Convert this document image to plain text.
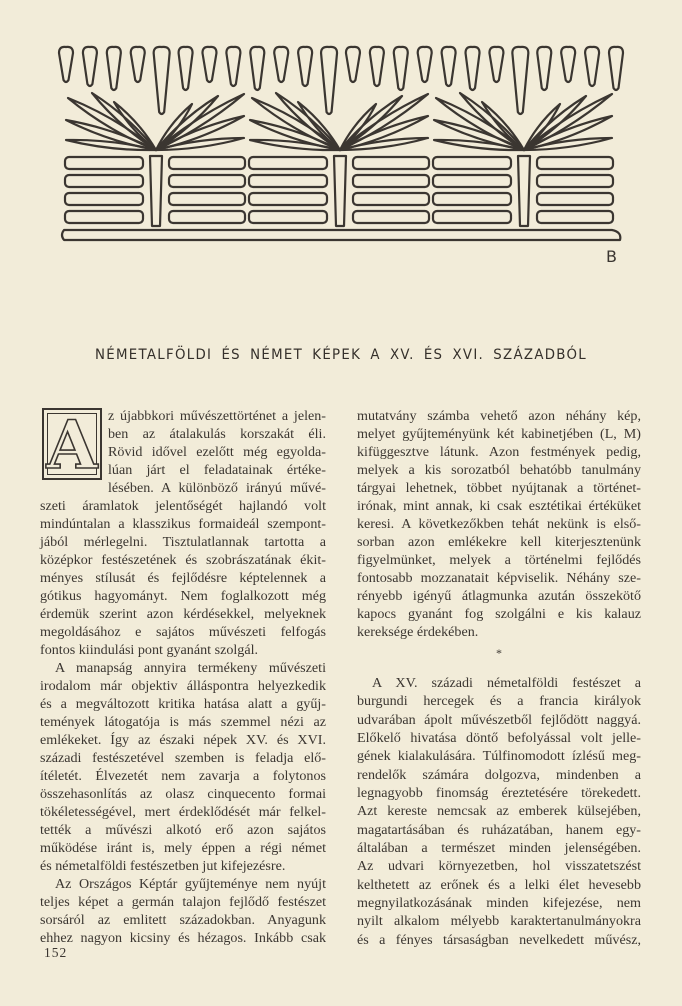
B
NÉMETALFÖLDI ÉS NÉMET KÉPEK A XV. ÉS XVI. SZÁZADBÓL
z újabbkori művészettörténet a jelen-
ben az átalakulás korszakát éli.
Rövid idővel ezelőtt még egyolda-
lúan járt el feladatainak értéke-
lésében. A különböző irányú művé-
szeti áramlatok jelentőségét hajlandó volt
mindúntalan a klasszikus formaideál szempont-
jából mérlegelni. Tisztulatlannak tartotta a
középkor festészetének és szobrászatának ékit-
ményes stílusát és fejlődésre képtelennek a
gótikus hagyományt. Nem foglalkozott még
érdemük szerint azon kérdésekkel, melyeknek
megoldásához e sajátos művészeti felfogás
fontos kiindulási pont gyanánt szolgál.
A manapság annyira termékeny művészeti
irodalom már objektiv álláspontra helyezkedik
és a megváltozott kritika hatása alatt a gyűj-
temények látogatója is más szemmel nézi az
emlékeket. Így az északi népek XV. és XVI.
századi festészetével szemben is feladja elő-
ítéletét. Élvezetét nem zavarja a folytonos
összehasonlítás az olasz cinquecento formai
tökéletességével, mert érdeklődését már felkel-
tették a művészi alkotó erő azon sajátos
működése iránt is, mely éppen a régi német
és németalföldi festészetben jut kifejezésre.
Az Országos Képtár gyűjteménye nem nyújt
teljes képet a germán talajon fejlődő festészet
sorsáról az emlitett századokban. Anyagunk
ehhez nagyon kicsiny és hézagos. Inkább csak
A	mutatvány számba vehető azon néhány kép,
melyet gyűjteményünk két kabinetjében (L, M)
kifüggesztve látunk. Azon festmények pedig,
melyek a kis sorozatból behatóbb tanulmány
tárgyai lehetnek, többet nyújtanak a történet-
irónak, mint annak, ki csak esztétikai értéküket
keresi. A következőkben tehát nekünk is első-
sorban azon emlékekre kell kiterjesztenünk
figyelmünket, melyek a történelmi fejlődés
fontosabb mozzanatait képviselik. Néhány sze-
rényebb igényű átlagmunka azután összekötő
kapocs gyanánt fog szolgálni e kis kalauz
kereksége érdekében.
*
A XV. századi németalföldi festészet a
burgundi hercegek és a francia királyok
udvarában ápolt művészetből fejlődött naggyá.
Előkelő hivatása döntő befolyással volt jelle-
gének kialakulására. Túlfinomodott ízlésű meg-
rendelők számára dolgozva, mindenben a
legnagyobb finomság éreztetésére törekedett.
Azt kereste nemcsak az emberek külsejében,
magatartásában és ruházatában, hanem egy-
általában a természet minden jelenségében.
Az udvari környezetben, hol visszatetszést
kelthetett az erőnek és a lelki élet hevesebb
megnyilatkozásának minden kifejezése, nem
nyilt alkalom mélyebb karaktertanulmányokra
és a fényes társaságban nevelkedett művész,
152
